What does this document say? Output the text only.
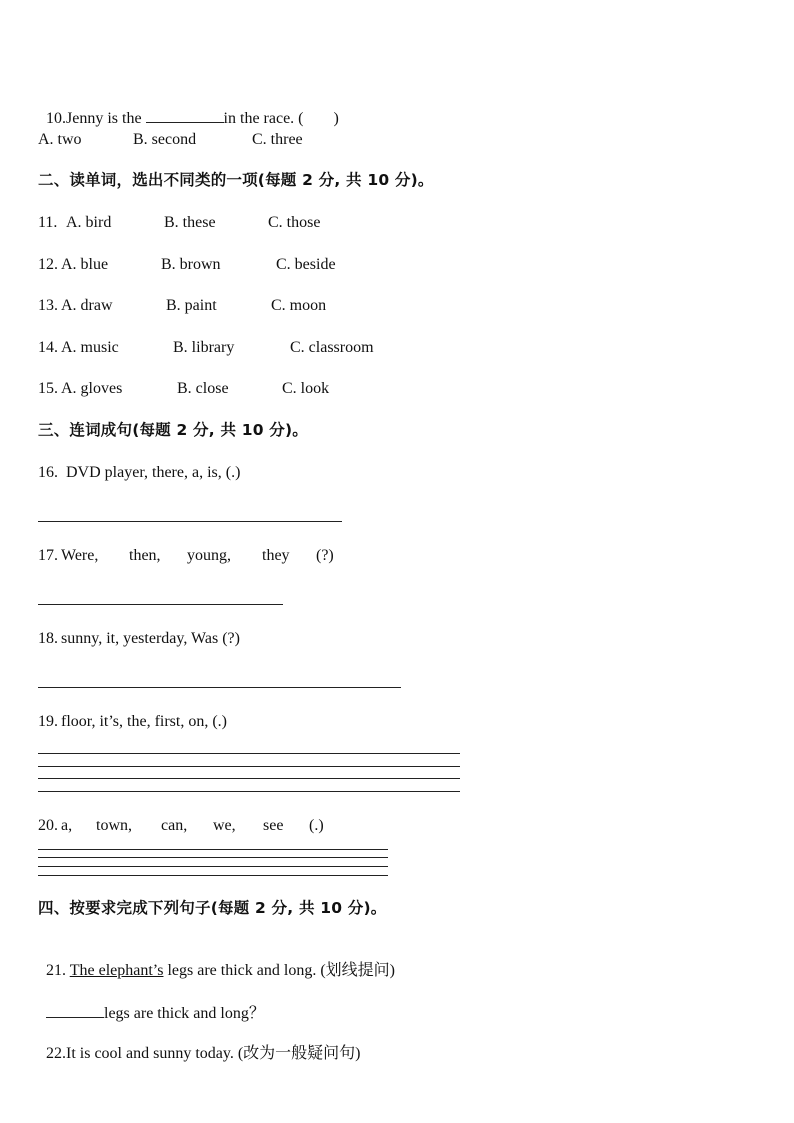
10.Jenny is the	in the race. ( )

A. two	B. second	C. three
二、读单词，选出不同类的一项(每题 2 分, 共 10 分)。
11. A. bird	B. these	C. those
12. A. blue	B. brown	C. beside
13. A. draw	B. paint	C. moon
14. A. music	B. library	C. classroom
15. A. gloves	B. close	C. look
三、连词成句(每题 2 分, 共 10 分)。
16. DVD player, there, a, is, (.)
17. Were, then, young, they (?)
18. sunny, it, yesterday, Was (?)
19. floor, it’s, the, first, on, (.)
20. a, town, can, we, see (.)
四、按要求完成下列句子(每题 2 分, 共 10 分)。

21. The elephant’s legs are thick and long. (划线提问)

legs are thick and long？

22.It is cool and sunny today. (改为一般疑问句)
